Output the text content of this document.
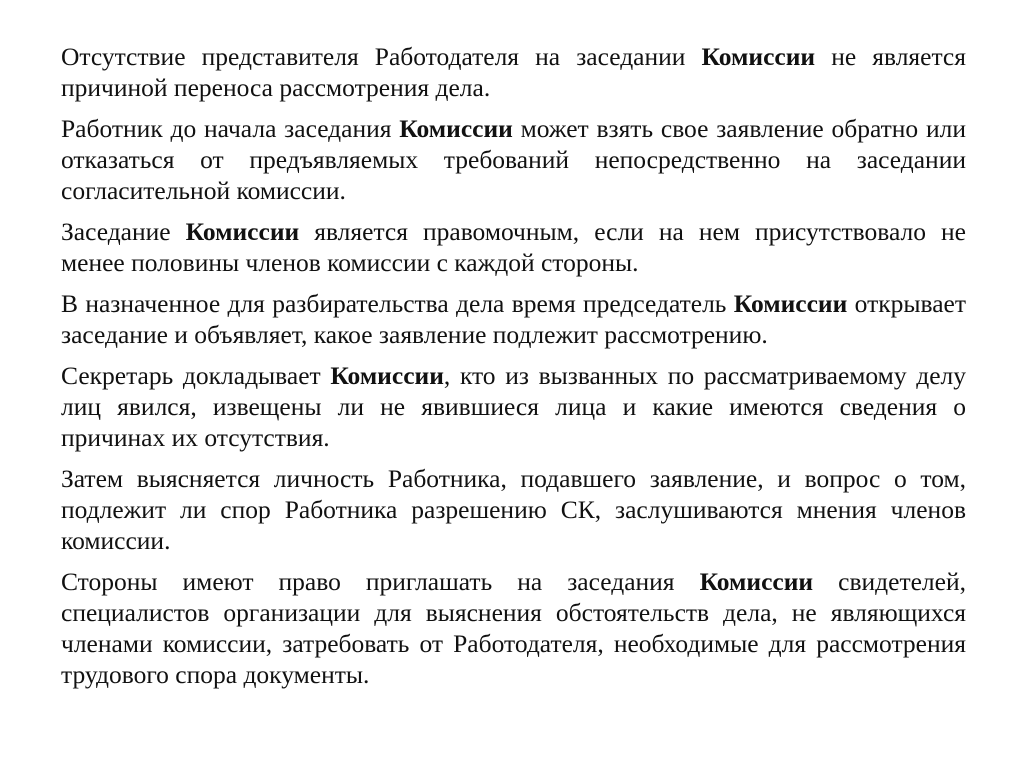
Отсутствие представителя Работодателя на заседании Комиссии не является причиной переноса рассмотрения дела.

Работник до начала заседания Комиссии может взять свое заявление обратно или отказаться от предъявляемых требований непосредственно на заседании согласительной комиссии.

Заседание Комиссии является правомочным, если на нем присутствовало не менее половины членов комиссии с каждой стороны.

В назначенное для разбирательства дела время председатель Комиссии открывает заседание и объявляет, какое заявление подлежит рассмотрению.

Секретарь докладывает Комиссии, кто из вызванных по рассматриваемому делу лиц явился, извещены ли не явившиеся лица и какие имеются сведения о причинах их отсутствия.

Затем выясняется личность Работника, подавшего заявление, и вопрос о том, подлежит ли спор Работника разрешению СК, заслушиваются мнения членов комиссии.

Стороны имеют право приглашать на заседания Комиссии свидетелей, специалистов организации для выяснения обстоятельств дела, не являющихся членами комиссии, затребовать от Работодателя, необходимые для рассмотрения трудового спора документы.
